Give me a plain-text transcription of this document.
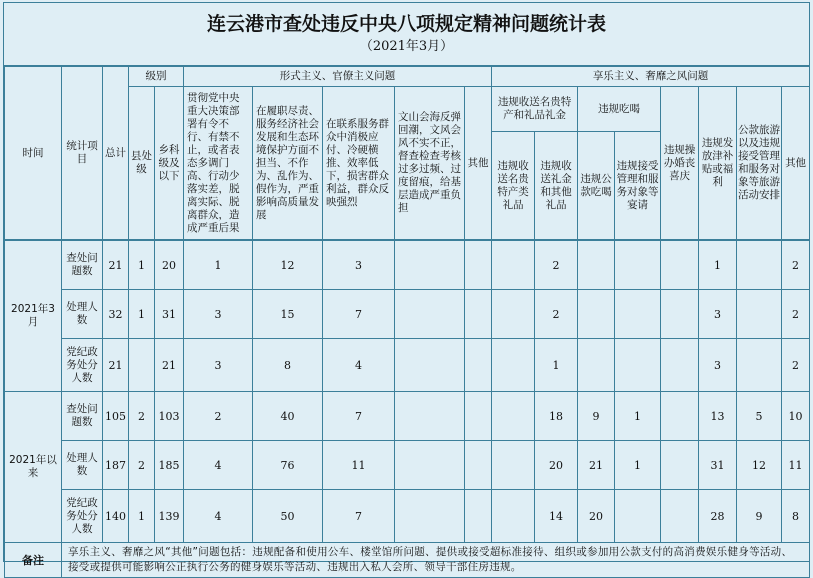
连云港市查处违反中央八项规定精神问题统计表
（2021年3月）
时间	统计项目	总计	级别		形式主义、官僚主义问题					享乐主义、奢靡之风问题							
			县处级	乡科级及以下	贯彻党中央重大决策部署有令不行、有禁不止，或者表态多调门高、行动少落实差，脱离实际、脱离群众，造成严重后果	在履职尽责、服务经济社会发展和生态环境保护方面不担当、不作为、乱作为、假作为，严重影响高质量发展	在联系服务群众中消极应付、冷硬横推、效率低下，损害群众利益，群众反映强烈	文山会海反弹回潮，文风会风不实不正，督查检查考核过多过频、过度留痕，给基层造成严重负担	其他	违规收送名贵特产和礼品礼金		违规吃喝		违规操办婚丧喜庆	违规发放津补贴或福利	公款旅游以及违规接受管理和服务对象等旅游活动安排	其他
										违规收送名贵特产类礼品	违规收送礼金和其他礼品	违规公款吃喝	违规接受管理和服务对象等宴请				

2021年3月	查处问题数	21	1	20	1	12	3				2				1		2
	处理人数	32	1	31	3	15	7				2				3		2
	党纪政务处分人数	21		21	3	8	4				1				3		2
2021年以来	查处问题数	105	2	103	2	40	7				18	9	1		13	5	10
	处理人数	187	2	185	4	76	11				20	21	1		31	12	11
	党纪政务处分人数	140	1	139	4	50	7				14	20			28	9	8
备注	享乐主义、奢靡之风“其他”问题包括：违规配备和使用公车、楼堂馆所问题、提供或接受超标准接待、组织或参加用公款支付的高消费娱乐健身等活动、接受或提供可能影响公正执行公务的健身娱乐等活动、违规出入私人会所、领导干部住房违规。																
